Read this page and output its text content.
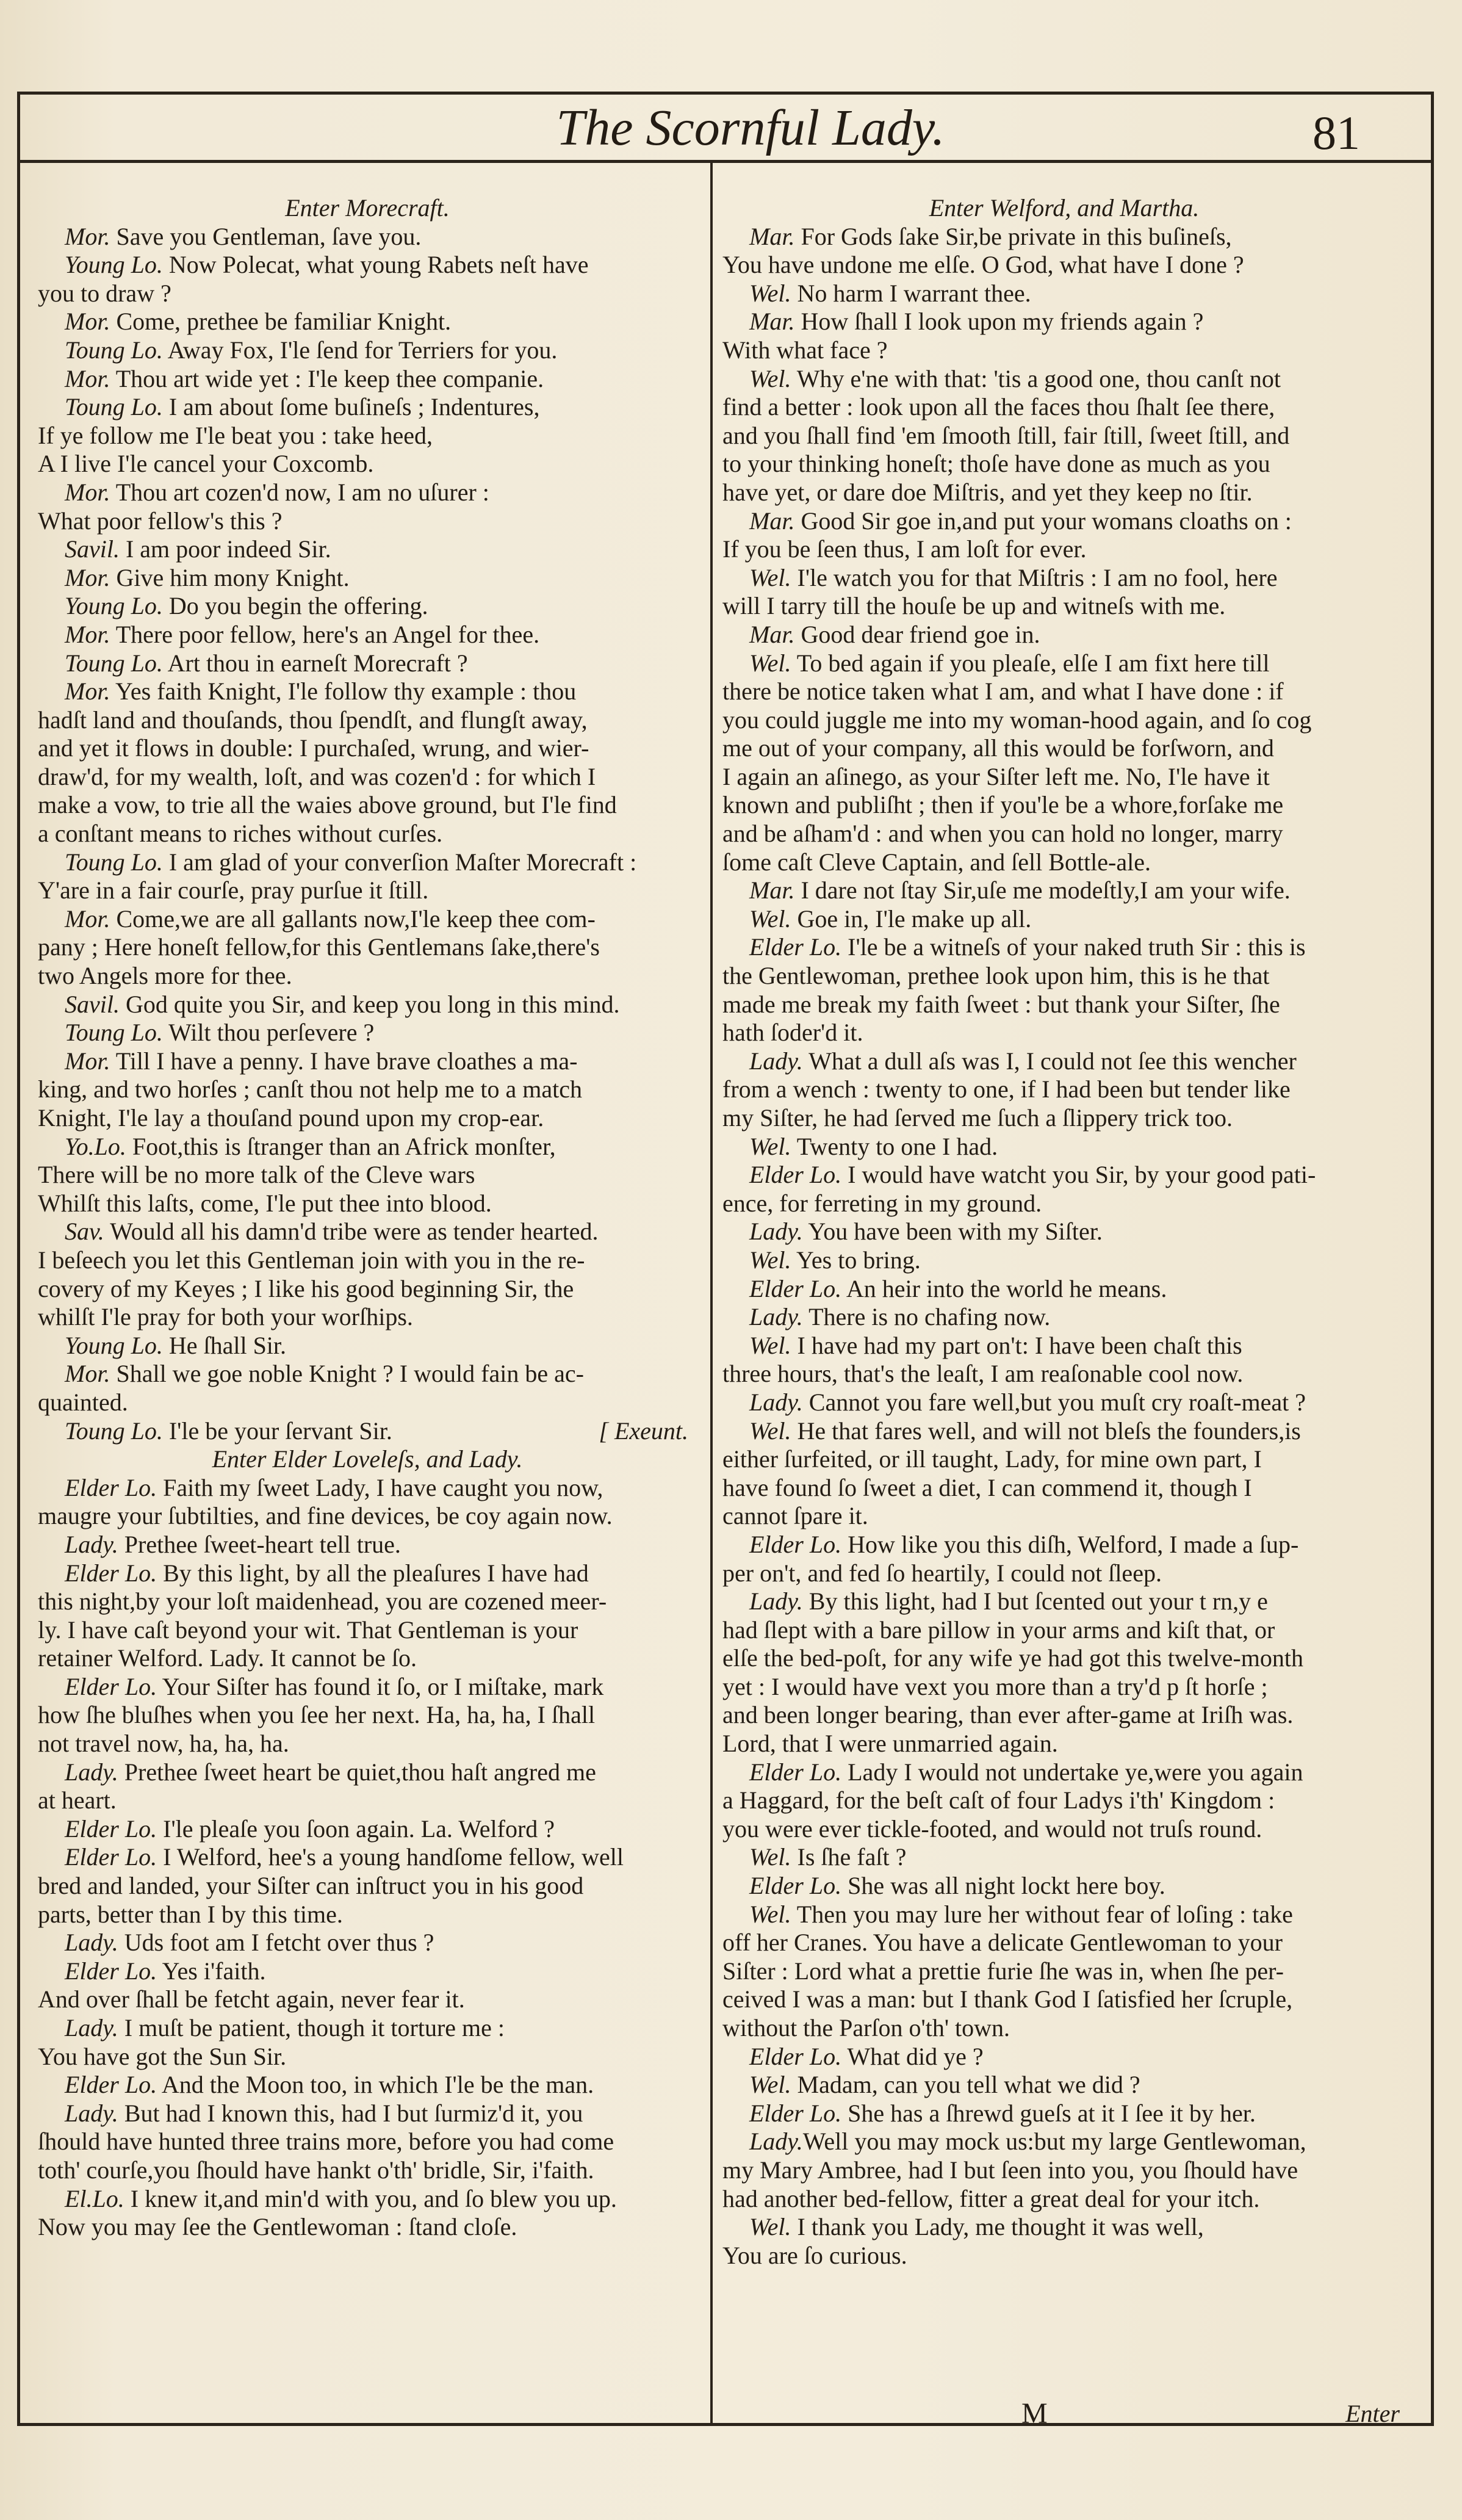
The Scornful Lady.	81
Enter Morecraft.
Mor. Save you Gentleman, ſave you.
Young Lo. Now Polecat, what young Rabets neſt have
you to draw ?
Mor. Come, prethee be familiar Knight.
Toung Lo. Away Fox, I'le ſend for Terriers for you.
Mor. Thou art wide yet : I'le keep thee companie.
Toung Lo. I am about ſome buſineſs ; Indentures,
If ye follow me I'le beat you : take heed,
A I live I'le cancel your Coxcomb.
Mor. Thou art cozen'd now, I am no uſurer :
What poor fellow's this ?
Savil. I am poor indeed Sir.
Mor. Give him mony Knight.
Young Lo. Do you begin the offering.
Mor. There poor fellow, here's an Angel for thee.
Toung Lo. Art thou in earneſt Morecraft ?
Mor. Yes faith Knight, I'le follow thy example : thou
hadſt land and thouſands, thou ſpendſt, and flungſt away,
and yet it flows in double: I purchaſed, wrung, and wier-
draw'd, for my wealth, loſt, and was cozen'd : for which I
make a vow, to trie all the waies above ground, but I'le find
a conſtant means to riches without curſes.
Toung Lo. I am glad of your converſion Maſter Morecraft :
Y'are in a fair courſe, pray purſue it ſtill.
Mor. Come,we are all gallants now,I'le keep thee com-
pany ; Here honeſt fellow,for this Gentlemans ſake,there's
two Angels more for thee.
Savil. God quite you Sir, and keep you long in this mind.
Toung Lo. Wilt thou perſevere ?
Mor. Till I have a penny. I have brave cloathes a ma-
king, and two horſes ; canſt thou not help me to a match
Knight, I'le lay a thouſand pound upon my crop-ear.
Yo.Lo. Foot,this is ſtranger than an Africk monſter,
There will be no more talk of the Cleve wars
Whilſt this laſts, come, I'le put thee into blood.
Sav. Would all his damn'd tribe were as tender hearted.
I beſeech you let this Gentleman join with you in the re-
covery of my Keyes ; I like his good beginning Sir, the
whilſt I'le pray for both your worſhips.
Young Lo. He ſhall Sir.
Mor. Shall we goe noble Knight ? I would fain be ac-
quainted.
Toung Lo. I'le be your ſervant Sir.	[ Exeunt.
Enter Elder Loveleſs, and Lady.
Elder Lo. Faith my ſweet Lady, I have caught you now,
maugre your ſubtilties, and fine devices, be coy again now.
Lady. Prethee ſweet-heart tell true.
Elder Lo. By this light, by all the pleaſures I have had
this night,by your loſt maidenhead, you are cozened meer-
ly. I have caſt beyond your wit. That Gentleman is your
retainer Welford. Lady. It cannot be ſo.
Elder Lo. Your Siſter has found it ſo, or I miſtake, mark
how ſhe bluſhes when you ſee her next. Ha, ha, ha, I ſhall
not travel now, ha, ha, ha.
Lady. Prethee ſweet heart be quiet,thou haſt angred me
at heart.
Elder Lo. I'le pleaſe you ſoon again. La. Welford ?
Elder Lo. I Welford, hee's a young handſome fellow, well
bred and landed, your Siſter can inſtruct you in his good
parts, better than I by this time.
Lady. Uds foot am I fetcht over thus ?
Elder Lo. Yes i'faith.
And over ſhall be fetcht again, never fear it.
Lady. I muſt be patient, though it torture me :
You have got the Sun Sir.
Elder Lo. And the Moon too, in which I'le be the man.
Lady. But had I known this, had I but ſurmiz'd it, you
ſhould have hunted three trains more, before you had come
toth' courſe,you ſhould have hankt o'th' bridle, Sir, i'faith.
El.Lo. I knew it,and min'd with you, and ſo blew you up.
Now you may ſee the Gentlewoman : ſtand cloſe.
Enter Welford, and Martha.
Mar. For Gods ſake Sir,be private in this buſineſs,
You have undone me elſe. O God, what have I done ?
Wel. No harm I warrant thee.
Mar. How ſhall I look upon my friends again ?
With what face ?
Wel. Why e'ne with that: 'tis a good one, thou canſt not
find a better : look upon all the faces thou ſhalt ſee there,
and you ſhall find 'em ſmooth ſtill, fair ſtill, ſweet ſtill, and
to your thinking honeſt; thoſe have done as much as you
have yet, or dare doe Miſtris, and yet they keep no ſtir.
Mar. Good Sir goe in,and put your womans cloaths on :
If you be ſeen thus, I am loſt for ever.
Wel. I'le watch you for that Miſtris : I am no fool, here
will I tarry till the houſe be up and witneſs with me.
Mar. Good dear friend goe in.
Wel. To bed again if you pleaſe, elſe I am fixt here till
there be notice taken what I am, and what I have done : if
you could juggle me into my woman-hood again, and ſo cog
me out of your company, all this would be forſworn, and
I again an aſinego, as your Siſter left me. No, I'le have it
known and publiſht ; then if you'le be a whore,forſake me
and be aſham'd : and when you can hold no longer, marry
ſome caſt Cleve Captain, and ſell Bottle-ale.
Mar. I dare not ſtay Sir,uſe me modeſtly,I am your wife.
Wel. Goe in, I'le make up all.
Elder Lo. I'le be a witneſs of your naked truth Sir : this is
the Gentlewoman, prethee look upon him, this is he that
made me break my faith ſweet : but thank your Siſter, ſhe
hath ſoder'd it.
Lady. What a dull aſs was I, I could not ſee this wencher
from a wench : twenty to one, if I had been but tender like
my Siſter, he had ſerved me ſuch a ſlippery trick too.
Wel. Twenty to one I had.
Elder Lo. I would have watcht you Sir, by your good pati-
ence, for ferreting in my ground.
Lady. You have been with my Siſter.
Wel. Yes to bring.
Elder Lo. An heir into the world he means.
Lady. There is no chafing now.
Wel. I have had my part on't: I have been chaſt this
three hours, that's the leaſt, I am reaſonable cool now.
Lady. Cannot you fare well,but you muſt cry roaſt-meat ?
Wel. He that fares well, and will not bleſs the founders,is
either ſurfeited, or ill taught, Lady, for mine own part, I
have found ſo ſweet a diet, I can commend it, though I
cannot ſpare it.
Elder Lo. How like you this diſh, Welford, I made a ſup-
per on't, and fed ſo heartily, I could not ſleep.
Lady. By this light, had I but ſcented out your t rn,y e
had ſlept with a bare pillow in your arms and kiſt that, or
elſe the bed-poſt, for any wife ye had got this twelve-month
yet : I would have vext you more than a try'd p ſt horſe ;
and been longer bearing, than ever after-game at Iriſh was.
Lord, that I were unmarried again.
Elder Lo. Lady I would not undertake ye,were you again
a Haggard, for the beſt caſt of four Ladys i'th' Kingdom :
you were ever tickle-footed, and would not truſs round.
Wel. Is ſhe faſt ?
Elder Lo. She was all night lockt here boy.
Wel. Then you may lure her without fear of loſing : take
off her Cranes. You have a delicate Gentlewoman to your
Siſter : Lord what a prettie furie ſhe was in, when ſhe per-
ceived I was a man: but I thank God I ſatisfied her ſcruple,
without the Parſon o'th' town.
Elder Lo. What did ye ?
Wel. Madam, can you tell what we did ?
Elder Lo. She has a ſhrewd gueſs at it I ſee it by her.
Lady.Well you may mock us:but my large Gentlewoman,
my Mary Ambree, had I but ſeen into you, you ſhould have
had another bed-fellow, fitter a great deal for your itch.
Wel. I thank you Lady, me thought it was well,
You are ſo curious.
M	Enter
